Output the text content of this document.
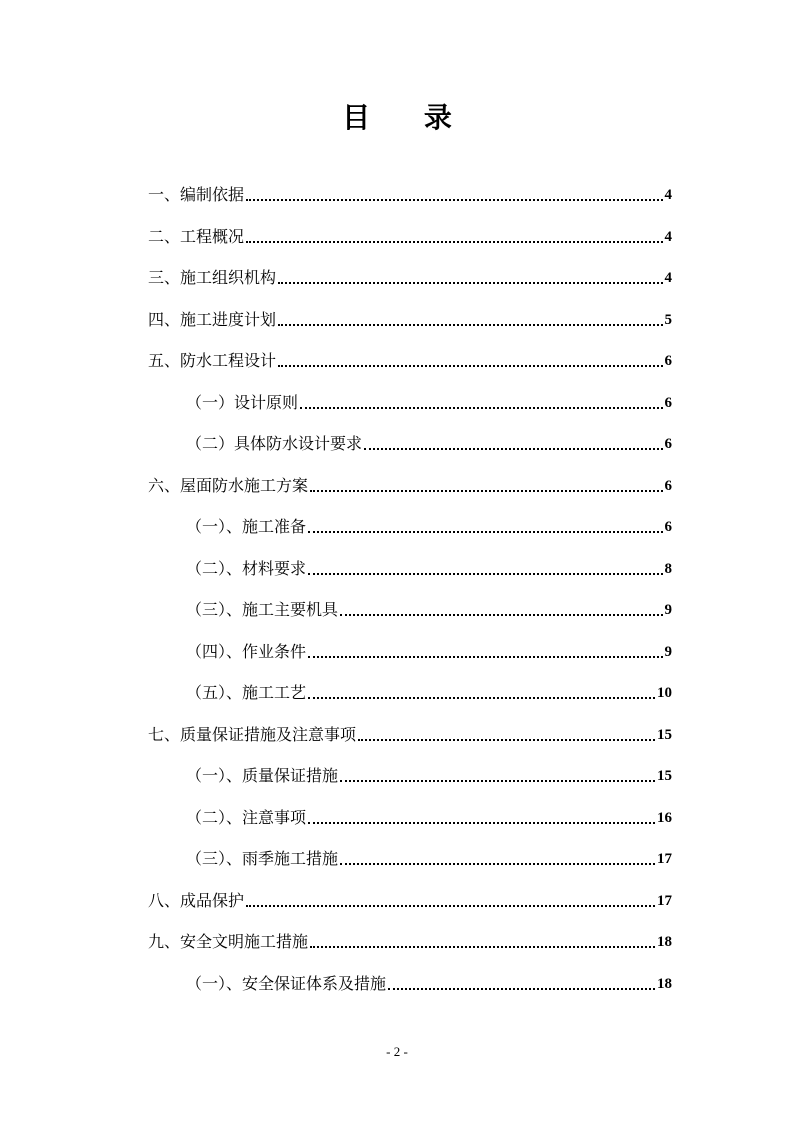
目 录
一、编制依据	4
二、工程概况	4
三、施工组织机构	4
四、施工进度计划	5
五、防水工程设计	6
（一）设计原则	6
（二）具体防水设计要求	6
六、屋面防水施工方案	6
（一）、施工准备	6
（二）、材料要求	8
（三）、施工主要机具	9
（四）、作业条件	9
（五）、施工工艺	10
七、质量保证措施及注意事项	15
（一）、质量保证措施	15
（二）、注意事项	16
（三）、雨季施工措施	17
八、成品保护	17
九、安全文明施工措施	18
（一）、安全保证体系及措施	18
- 2 -
